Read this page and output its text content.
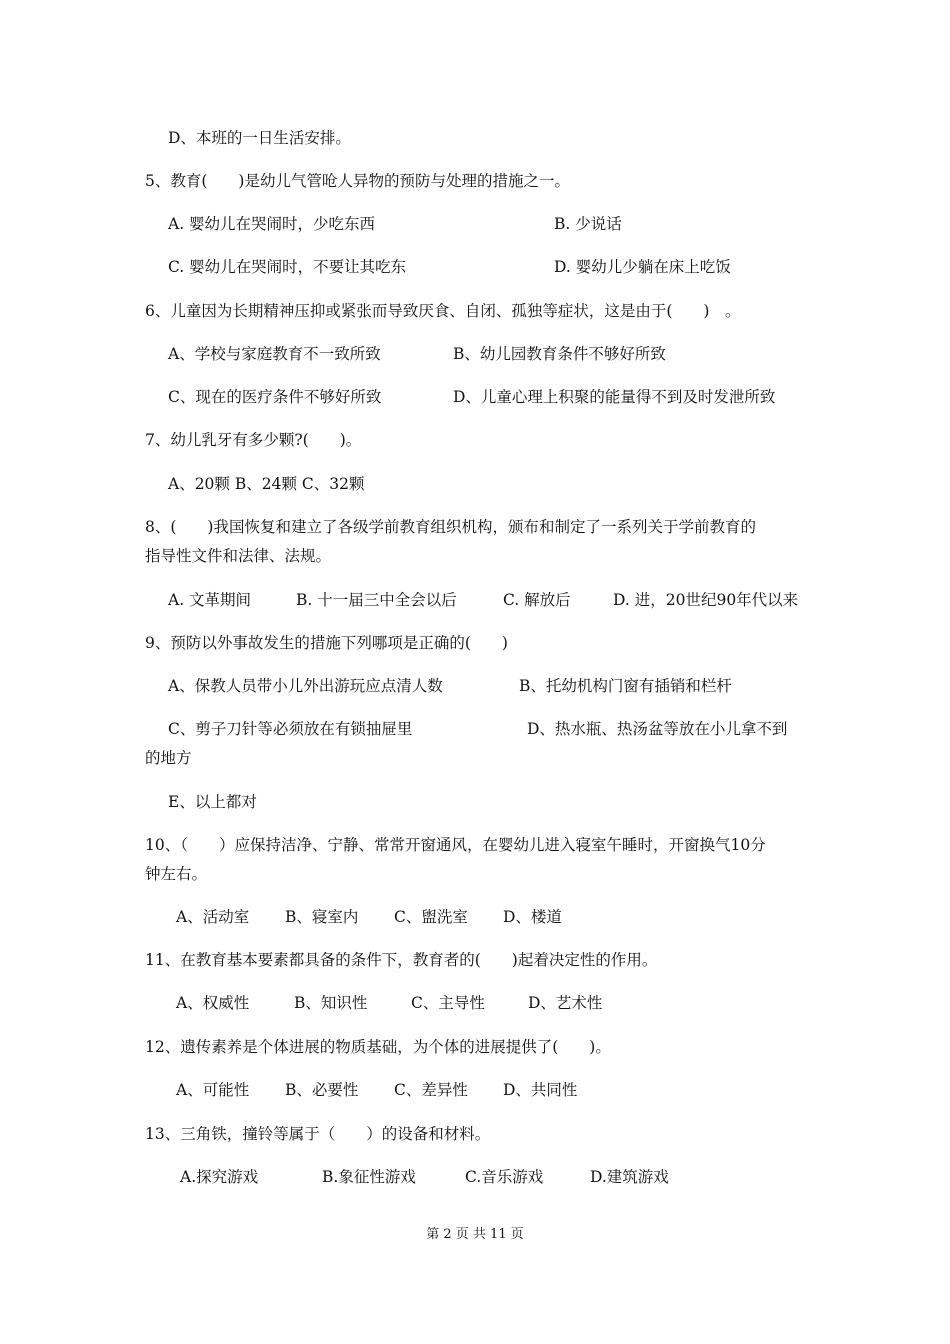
D、本班的一日生活安排。
5、教育(　　)是幼儿气管呛人异物的预防与处理的措施之一。
A. 婴幼儿在哭闹时，少吃东西	B. 少说话
C. 婴幼儿在哭闹时，不要让其吃东	D. 婴幼儿少躺在床上吃饭
6、儿童因为长期精神压抑或紧张而导致厌食、自闭、孤独等症状，这是由于(　　)　。
A、学校与家庭教育不一致所致	B、幼儿园教育条件不够好所致
C、现在的医疗条件不够好所致	D、儿童心理上积聚的能量得不到及时发泄所致
7、幼儿乳牙有多少颗?(　　)。
A、20颗 B、24颗 C、32颗
8、(　　)我国恢复和建立了各级学前教育组织机构，颁布和制定了一系列关于学前教育的
指导性文件和法律、法规。
A. 文革期间	B. 十一届三中全会以后	C. 解放后	D. 进，20世纪90年代以来
9、预防以外事故发生的措施下列哪项是正确的(　　)
A、保教人员带小儿外出游玩应点清人数	B、托幼机构门窗有插销和栏杆
C、剪子刀针等必须放在有锁抽屉里	D、热水瓶、热汤盆等放在小儿拿不到
的地方
E、以上都对
10、（　　）应保持洁净、宁静、常常开窗通风，在婴幼儿进入寝室午睡时，开窗换气10分
钟左右。
A、活动室 B、寝室内 C、盥洗室 D、楼道
11、在教育基本要素都具备的条件下，教育者的(　　)起着决定性的作用。
A、权威性	B、知识性	C、主导性	D、艺术性
12、遗传素养是个体进展的物质基础，为个体的进展提供了(　　)。
A、可能性 B、必要性 C、差异性 D、共同性
13、三角铁，撞铃等属于（　　）的设备和材料。
A.探究游戏	B.象征性游戏	C.音乐游戏	D.建筑游戏
第 2 页 共 11 页
